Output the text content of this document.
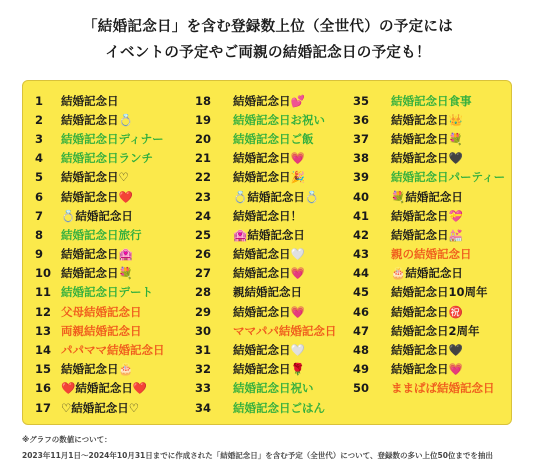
「結婚記念日」を含む登録数上位（全世代）の予定には
イベントの予定やご両親の結婚記念日の予定も！
1	結婚記念日
2	結婚記念日💍
3	結婚記念日ディナー
4	結婚記念日ランチ
5	結婚記念日♡
6	結婚記念日❤️
7	💍結婚記念日
8	結婚記念日旅行
9	結婚記念日🏩
10 結婚記念日💐
11 結婚記念日デート
12 父母結婚記念日
13 両親結婚記念日
14 パパママ結婚記念日
15 結婚記念日🎂
16 ❤️結婚記念日❤️
17 ♡結婚記念日♡
18	結婚記念日💕
19	結婚記念日お祝い
20	結婚記念日ご飯
21	結婚記念日💗
22	結婚記念日🎉
23	💍結婚記念日💍
24	結婚記念日！
25	🏩結婚記念日
26	結婚記念日🤍
27	結婚記念日💗
28	親結婚記念日
29	結婚記念日💗
30	ママパパ結婚記念日
31	結婚記念日🤍
32	結婚記念日🌹
33	結婚記念日祝い
34	結婚記念日ごはん
35	結婚記念日食事
36	結婚記念日👑
37	結婚記念日💐
38	結婚記念日🖤
39	結婚記念日パーティー
40	💐結婚記念日
41	結婚記念日💝
42	結婚記念日💒
43	親の結婚記念日
44	🎂結婚記念日
45	結婚記念日10周年
46	結婚記念日㊗️
47	結婚記念日2周年
48	結婚記念日🖤
49	結婚記念日💗
50	ままぱぱ結婚記念日
※グラフの数値について：
2023年11月1日〜2024年10月31日までに作成された「結婚記念日」を含む予定（全世代）について、登録数の多い上位50位までを抽出
